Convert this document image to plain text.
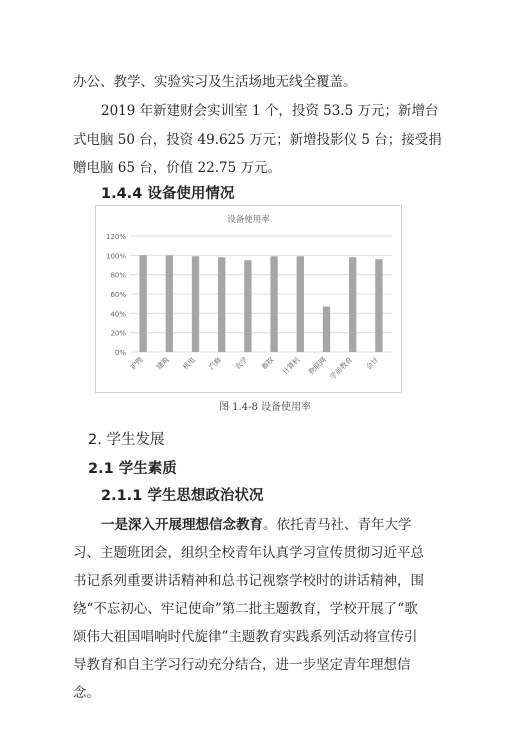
办公、教学、实验实习及生活场地无线全覆盖。
2019 年新建财会实训室 1 个，投资 53.5 万元；新增台
式电脑 50 台，投资 49.625 万元；新增投影仪 5 台；接受捐
赠电脑 65 台，价值 22.75 万元。
1.4.4 设备使用情况
设备使用率
0%
20%
40%
60%
80%
100%
120%
护理 建筑 机电 汽修 农学 畜牧 计算机 物联网 学前教育 会计
图 1.4-8 设备使用率
2. 学生发展
2.1 学生素质
2.1.1 学生思想政治状况
一是深入开展理想信念教育。依托青马社、青年大学
习、主题班团会，组织全校青年认真学习宣传贯彻习近平总
书记系列重要讲话精神和总书记视察学校时的讲话精神，围
绕“不忘初心、牢记使命”第二批主题教育，学校开展了“歌
颂伟大祖国唱响时代旋律”主题教育实践系列活动将宣传引
导教育和自主学习行动充分结合，进一步坚定青年理想信
念。
